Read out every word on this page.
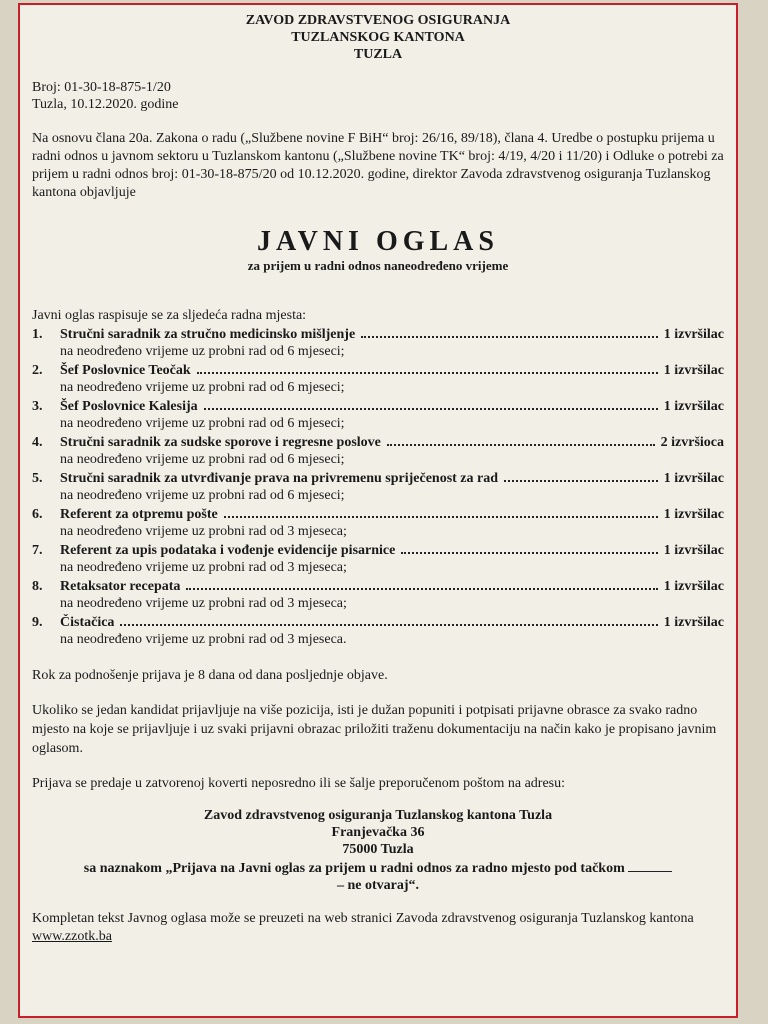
ZAVOD ZDRAVSTVENOG OSIGURANJA
TUZLANSKOG KANTONA
TUZLA
Broj: 01-30-18-875-1/20
Tuzla, 10.12.2020. godine
Na osnovu člana 20a. Zakona o radu („Službene novine F BiH“ broj: 26/16, 89/18), člana 4. Uredbe o postupku prijema u radni odnos u javnom sektoru u Tuzlanskom kantonu („Službene novine TK“ broj: 4/19, 4/20 i 11/20) i Odluke o potrebi za prijem u radni odnos broj: 01-30-18-875/20 od 10.12.2020. godine, direktor Zavoda zdravstvenog osiguranja Tuzlanskog kantona objavljuje
JAVNI OGLAS
za prijem u radni odnos naneodređeno vrijeme
Javni oglas raspisuje se za sljedeća radna mjesta:
1.	Stručni saradnik za stručno medicinsko mišljenje	1 izvršilac
na neodređeno vrijeme uz probni rad od 6 mjeseci;
2.	Šef Poslovnice Teočak	1 izvršilac
na neodređeno vrijeme uz probni rad od 6 mjeseci;
3.	Šef Poslovnice Kalesija	1 izvršilac
na neodređeno vrijeme uz probni rad od 6 mjeseci;
4.	Stručni saradnik za sudske sporove i regresne poslove	2 izvršioca
na neodređeno vrijeme uz probni rad od 6 mjeseci;
5.	Stručni saradnik za utvrđivanje prava na privremenu spriječenost za rad	1 izvršilac
na neodređeno vrijeme uz probni rad od 6 mjeseci;
6.	Referent za otpremu pošte	1 izvršilac
na neodređeno vrijeme uz probni rad od 3 mjeseca;
7.	Referent za upis podataka i vođenje evidencije pisarnice	1 izvršilac
na neodređeno vrijeme uz probni rad od 3 mjeseca;
8.	Retaksator recepata	1 izvršilac
na neodređeno vrijeme uz probni rad od 3 mjeseca;
9.	Čistačica	1 izvršilac
na neodređeno vrijeme uz probni rad od 3 mjeseca.
Rok za podnošenje prijava je 8 dana od dana posljednje objave.
Ukoliko se jedan kandidat prijavljuje na više pozicija, isti je dužan popuniti i potpisati prijavne obrasce za svako radno mjesto na koje se prijavljuje i uz svaki prijavni obrazac priložiti traženu dokumentaciju na način kako je propisano javnim oglasom.
Prijava se predaje u zatvorenoj koverti neposredno ili se šalje preporučenom poštom na adresu:
Zavod zdravstvenog osiguranja Tuzlanskog kantona Tuzla
Franjevačka 36
75000 Tuzla
sa naznakom „Prijava na Javni oglas za prijem u radni odnos za radno mjesto pod tačkom
– ne otvaraj“.
Kompletan tekst Javnog oglasa može se preuzeti na web stranici Zavoda zdravstvenog osiguranja Tuzlanskog kantona www.zzotk.ba
